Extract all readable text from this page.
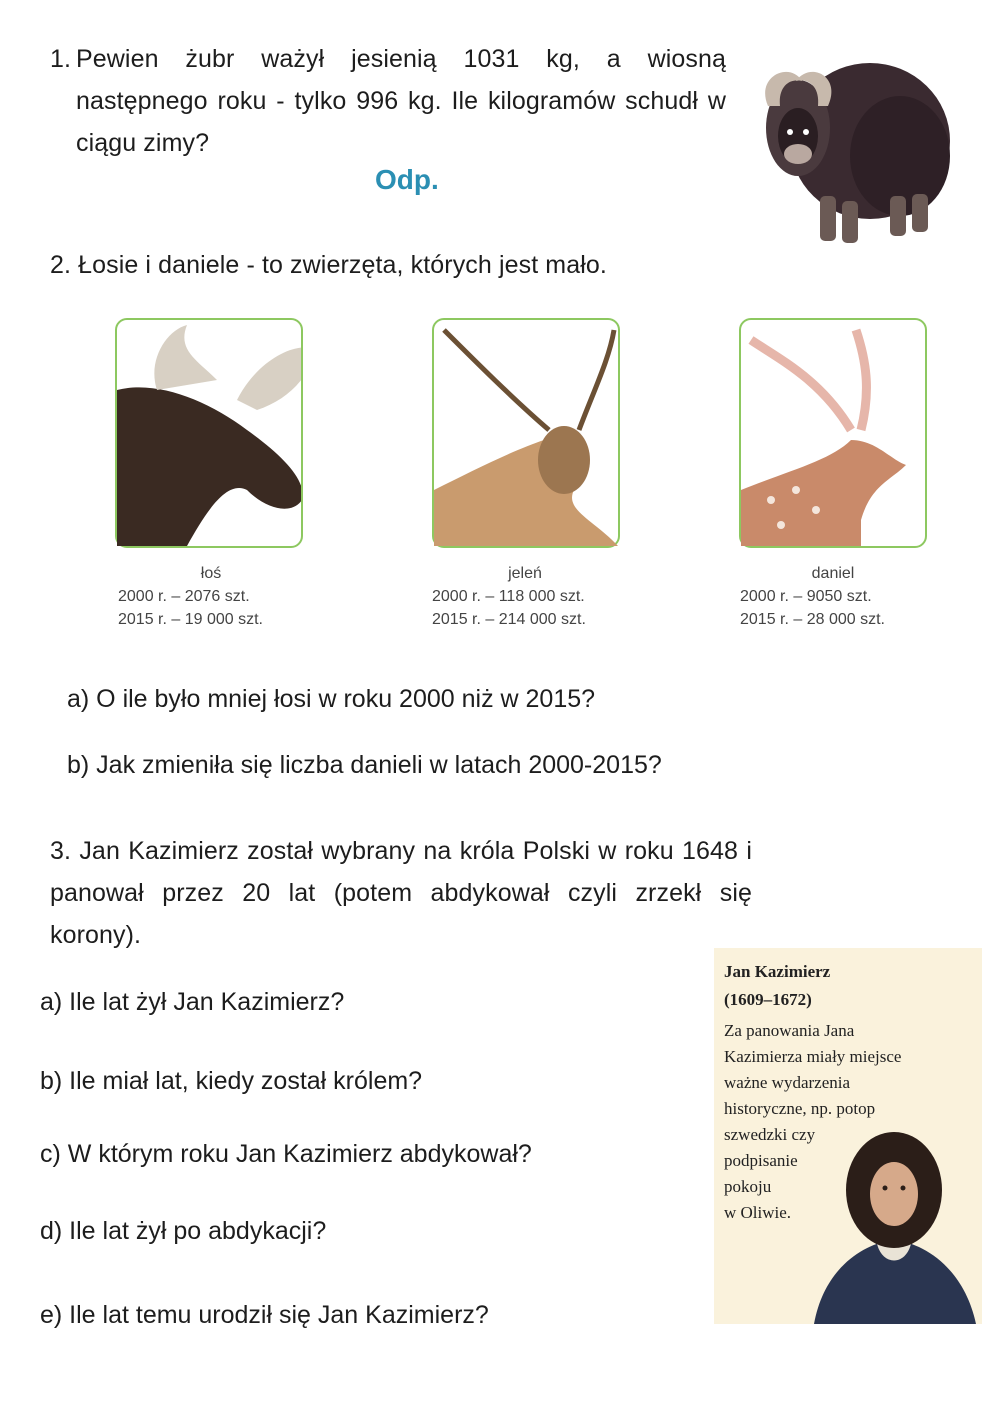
1. Pewien żubr ważył jesienią 1031 kg, a wiosną następnego roku - tylko 996 kg. Ile kilogramów schudł w ciągu zimy?
Odp.
2. Łosie i daniele - to zwierzęta, których jest mało.
łoś
2000 r. – 2076 szt.
2015 r. – 19 000 szt.
jeleń
2000 r. – 118 000 szt.
2015 r. – 214 000 szt.
daniel
2000 r. – 9050 szt.
2015 r. – 28 000 szt.
a) O ile było mniej łosi w roku 2000 niż w 2015?
b) Jak zmieniła się liczba danieli w latach 2000-2015?
3. Jan Kazimierz został wybrany na króla Polski w roku 1648 i panował przez 20 lat (potem abdykował czyli zrzekł się korony).
a) Ile lat żył Jan Kazimierz?
b) Ile miał lat, kiedy został królem?
c) W którym roku Jan Kazimierz abdykował?
d) Ile lat żył po abdykacji?
e) Ile lat temu urodził się Jan Kazimierz?
Jan Kazimierz
(1609–1672)
Za panowania Jana
Kazimierza miały miejsce
ważne wydarzenia
historyczne, np. potop
szwedzki czy
podpisanie
pokoju
w Oliwie.
